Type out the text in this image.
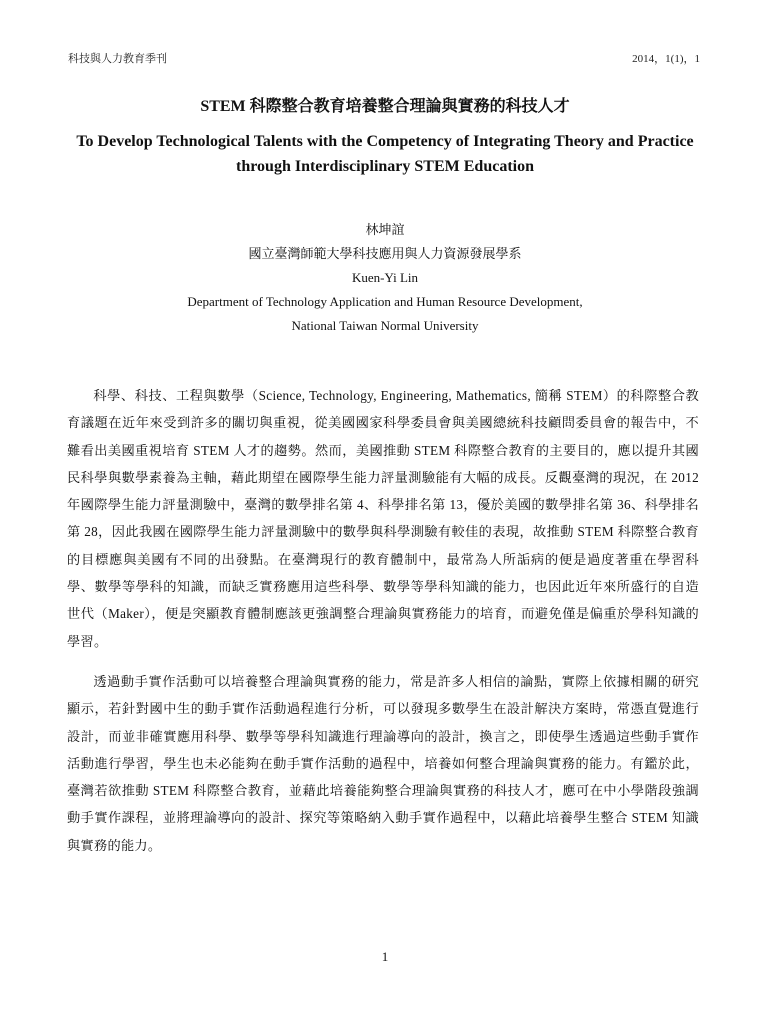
科技與人力教育季刊	2014，1(1)，1
STEM 科際整合教育培養整合理論與實務的科技人才
To Develop Technological Talents with the Competency of Integrating Theory and Practice through Interdisciplinary STEM Education
林坤誼
國立臺灣師範大學科技應用與人力資源發展學系
Kuen-Yi Lin
Department of Technology Application and Human Resource Development,
National Taiwan Normal University

科學、科技、工程與數學（Science, Technology, Engineering, Mathematics, 簡稱 STEM）的科際整合教育議題在近年來受到許多的關切與重視，從美國國家科學委員會與美國總統科技顧問委員會的報告中，不難看出美國重視培育 STEM 人才的趨勢。然而，美國推動 STEM 科際整合教育的主要目的，應以提升其國民科學與數學素養為主軸，藉此期望在國際學生能力評量測驗能有大幅的成長。反觀臺灣的現況，在 2012 年國際學生能力評量測驗中，臺灣的數學排名第 4、科學排名第 13，優於美國的數學排名第 36、科學排名第 28，因此我國在國際學生能力評量測驗中的數學與科學測驗有較佳的表現，故推動 STEM 科際整合教育的目標應與美國有不同的出發點。在臺灣現行的教育體制中，最常為人所詬病的便是過度著重在學習科學、數學等學科的知識，而缺乏實務應用這些科學、數學等學科知識的能力，也因此近年來所盛行的自造世代（Maker），便是突顯教育體制應該更強調整合理論與實務能力的培育，而避免僅是偏重於學科知識的學習。

透過動手實作活動可以培養整合理論與實務的能力，常是許多人相信的論點，實際上依據相關的研究顯示，若針對國中生的動手實作活動過程進行分析，可以發現多數學生在設計解決方案時，常憑直覺進行設計，而並非確實應用科學、數學等學科知識進行理論導向的設計，換言之，即使學生透過這些動手實作活動進行學習，學生也未必能夠在動手實作活動的過程中，培養如何整合理論與實務的能力。有鑑於此，臺灣若欲推動 STEM 科際整合教育，並藉此培養能夠整合理論與實務的科技人才，應可在中小學階段強調動手實作課程，並將理論導向的設計、探究等策略納入動手實作過程中，以藉此培養學生整合 STEM 知識與實務的能力。

1
